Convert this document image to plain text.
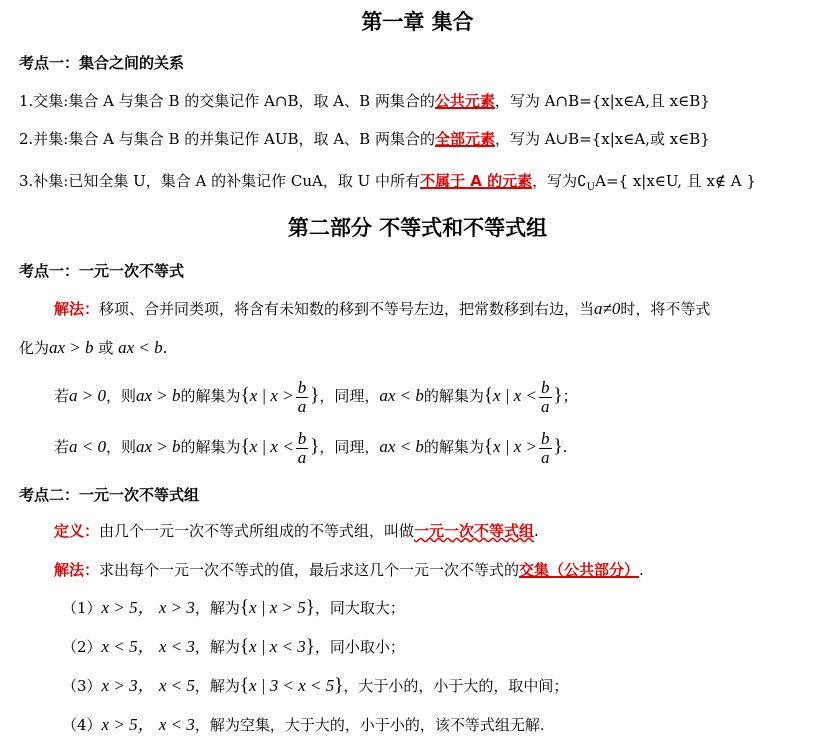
第一章 集合
考点一：集合之间的关系
1.交集:集合 A 与集合 B 的交集记作 A∩B，取 A、B 两集合的公共元素，写为 A∩B={x|x∈A,且 x∈B}
2.并集:集合 A 与集合 B 的并集记作 AUB，取 A、B 两集合的全部元素，写为 A∪B={x|x∈A,或 x∈B}
3.补集:已知全集 U，集合 A 的补集记作 CuA，取 U 中所有不属于 A 的元素，写为$∁_UA=${ x|x∈U, 且 x∉ A }
第二部分 不等式和不等式组
考点一：一元一次不等式
解法：移项、合并同类项，将含有未知数的移到不等号左边，把常数移到右边，当a≠0时，将不等式
化为ax > b 或 ax < b.
若a > 0，则ax > b的解集为{x | $x > \frac{b}{a}$ }，同理，ax < b的解集为{x | $x < \frac{b}{a}$ }；
若a < 0，则ax > b的解集为{x | $x < \frac{b}{a}$ }，同理，ax < b的解集为{x | $x > \frac{b}{a}$ }.
考点二：一元一次不等式组
定义：由几个一元一次不等式所组成的不等式组，叫做一元一次不等式组.
解法：求出每个一元一次不等式的值，最后求这几个一元一次不等式的交集（公共部分）.
（1）x > 5， x > 3，解为{x | x > 5}，同大取大；
（2）x < 5， x < 3，解为{x | x < 3}，同小取小；
（3）x > 3， x < 5，解为{x | 3 < x < 5}，大于小的，小于大的，取中间；
（4）x > 5， x < 3，解为空集，大于大的，小于小的，该不等式组无解.
